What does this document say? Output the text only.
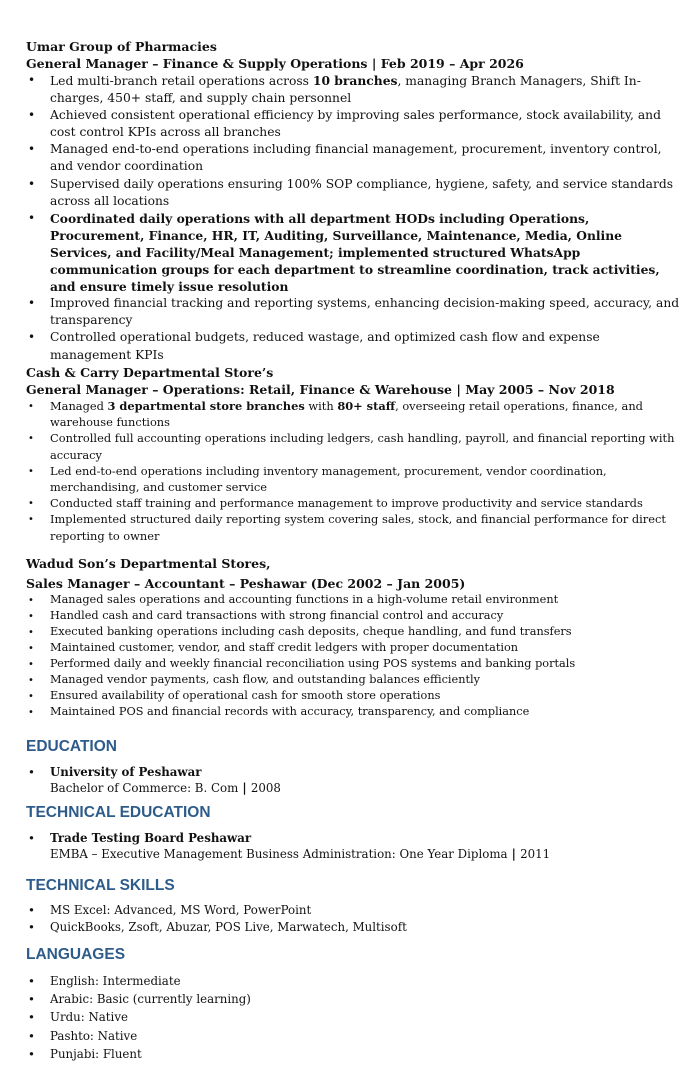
Umar Group of Pharmacies

General Manager – Finance & Supply Operations | Feb 2019 – Apr 2026

• Led multi-branch retail operations across 10 branches, managing Branch Managers, Shift In-charges, 450+ staff, and supply chain personnel
• Achieved consistent operational efficiency by improving sales performance, stock availability, and cost control KPIs across all branches
• Managed end-to-end operations including financial management, procurement, inventory control, and vendor coordination
• Supervised daily operations ensuring 100% SOP compliance, hygiene, safety, and service standards across all locations
• Coordinated daily operations with all department HODs including Operations, Procurement, Finance, HR, IT, Auditing, Surveillance, Maintenance, Media, Online Services, and Facility/Meal Management; implemented structured WhatsApp communication groups for each department to streamline coordination, track activities, and ensure timely issue resolution
• Improved financial tracking and reporting systems, enhancing decision-making speed, accuracy, and transparency
• Controlled operational budgets, reduced wastage, and optimized cash flow and expense management KPIs

Cash & Carry Departmental Store’s

General Manager – Operations: Retail, Finance & Warehouse | May 2005 – Nov 2018

• Managed 3 departmental store branches with 80+ staff, overseeing retail operations, finance, and warehouse functions
• Controlled full accounting operations including ledgers, cash handling, payroll, and financial reporting with accuracy
• Led end-to-end operations including inventory management, procurement, vendor coordination, merchandising, and customer service
• Conducted staff training and performance management to improve productivity and service standards
• Implemented structured daily reporting system covering sales, stock, and financial performance for direct reporting to owner

Wadud Son’s Departmental Stores,

Sales Manager – Accountant – Peshawar (Dec 2002 – Jan 2005)

• Managed sales operations and accounting functions in a high-volume retail environment
• Handled cash and card transactions with strong financial control and accuracy
• Executed banking operations including cash deposits, cheque handling, and fund transfers
• Maintained customer, vendor, and staff credit ledgers with proper documentation
• Performed daily and weekly financial reconciliation using POS systems and banking portals
• Managed vendor payments, cash flow, and outstanding balances efficiently
• Ensured availability of operational cash for smooth store operations
• Maintained POS and financial records with accuracy, transparency, and compliance
EDUCATION
• University of Peshawar
Bachelor of Commerce: B. Com | 2008
TECHNICAL EDUCATION
• Trade Testing Board Peshawar
EMBA – Executive Management Business Administration: One Year Diploma | 2011
TECHNICAL SKILLS
• MS Excel: Advanced, MS Word, PowerPoint
• QuickBooks, Zsoft, Abuzar, POS Live, Marwatech, Multisoft
LANGUAGES
• English: Intermediate
• Arabic: Basic (currently learning)
• Urdu: Native
• Pashto: Native
• Punjabi: Fluent
